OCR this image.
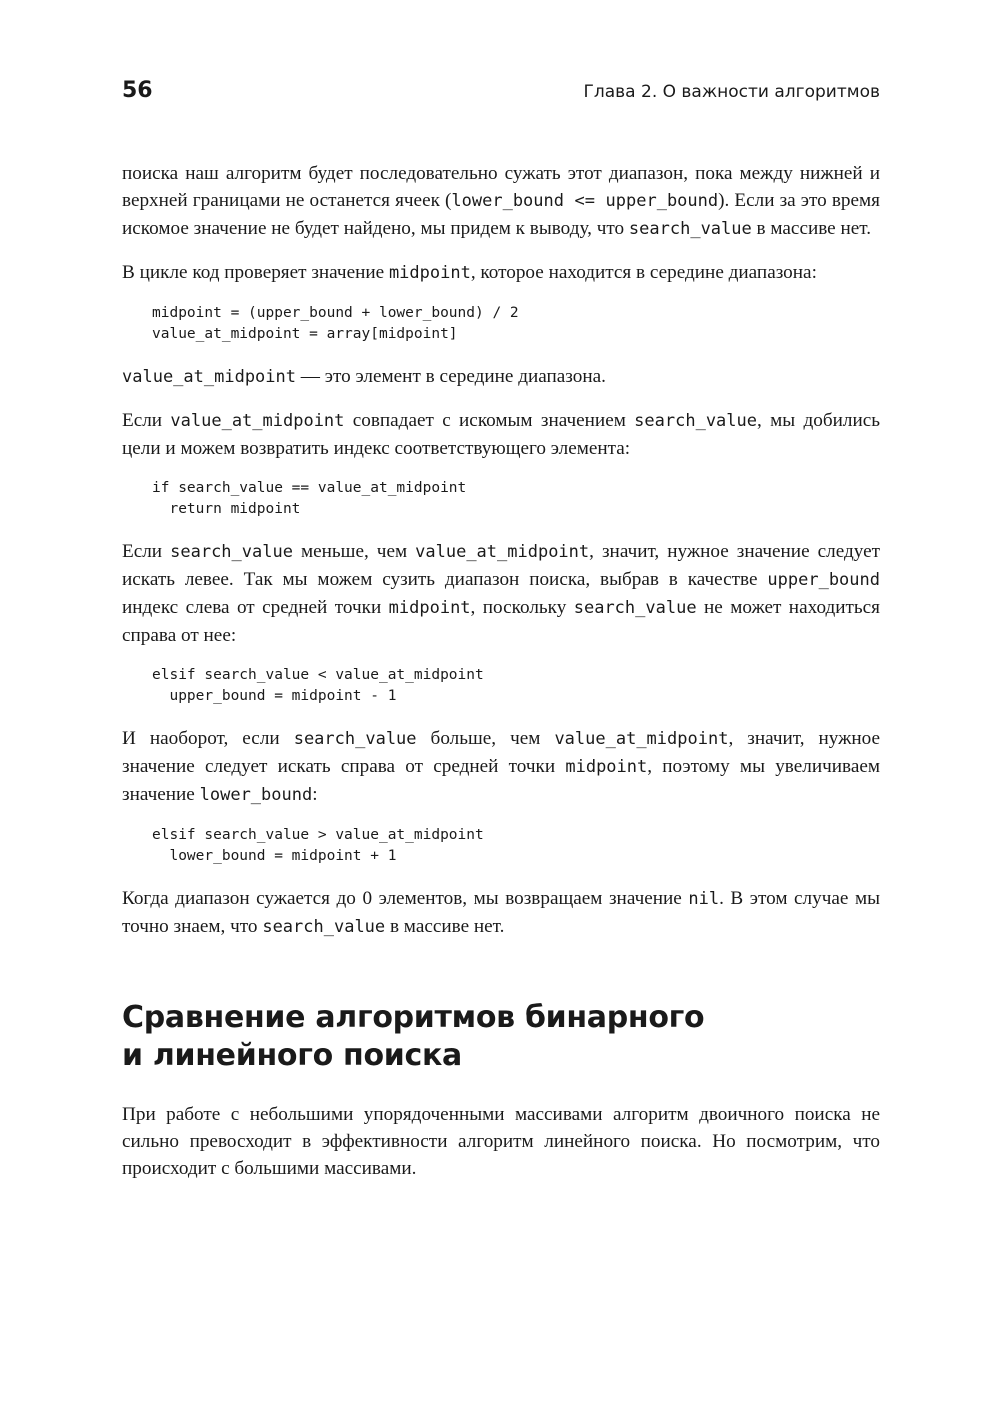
56	Глава 2. О важности алгоритмов

поиска наш алгоритм будет последовательно сужать этот диапазон, пока между нижней и верхней границами не останется ячеек (lower_bound <= upper_bound). Если за это время искомое значение не будет найдено, мы придем к выводу, что search_value в массиве нет.

В цикле код проверяет значение midpoint, которое находится в середине диапазона:

midpoint = (upper_bound + lower_bound) / 2
value_at_midpoint = array[midpoint]

value_at_midpoint — это элемент в середине диапазона.

Если value_at_midpoint совпадает с искомым значением search_value, мы добились цели и можем возвратить индекс соответствующего элемента:

if search_value == value_at_midpoint
return midpoint

Если search_value меньше, чем value_at_midpoint, значит, нужное значение следует искать левее. Так мы можем сузить диапазон поиска, выбрав в качестве upper_bound индекс слева от средней точки midpoint, поскольку search_value не может находиться справа от нее:

elsif search_value < value_at_midpoint
upper_bound = midpoint - 1

И наоборот, если search_value больше, чем value_at_midpoint, значит, нужное значение следует искать справа от средней точки midpoint, поэтому мы увеличиваем значение lower_bound:

elsif search_value > value_at_midpoint
lower_bound = midpoint + 1

Когда диапазон сужается до 0 элементов, мы возвращаем значение nil. В этом случае мы точно знаем, что search_value в массиве нет.

Сравнение алгоритмов бинарного
и линейного поиска

При работе с небольшими упорядоченными массивами алгоритм двоичного поиска не сильно превосходит в эффективности алгоритм линейного поиска. Но посмотрим, что происходит с большими массивами.
